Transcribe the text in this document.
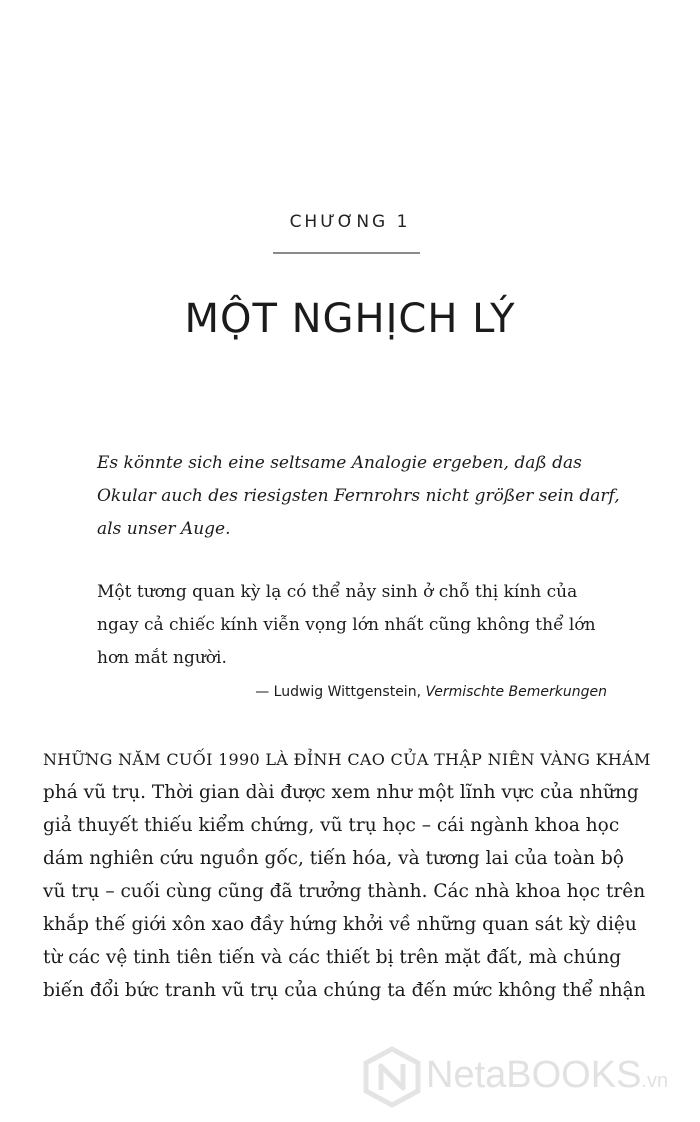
CHƯƠNG 1
MỘT NGHỊCH LÝ
Es könnte sich eine seltsame Analogie ergeben, daß das
Okular auch des riesigsten Fernrohrs nicht größer sein darf,
als unser Auge.
Một tương quan kỳ lạ có thể nảy sinh ở chỗ thị kính của
ngay cả chiếc kính viễn vọng lớn nhất cũng không thể lớn
hơn mắt người.
— Ludwig Wittgenstein, Vermischte Bemerkungen
NHỮNG NĂM CUỐI 1990 LÀ ĐỈNH CAO CỦA THẬP NIÊN VÀNG KHÁM
phá vũ trụ. Thời gian dài được xem như một lĩnh vực của những
giả thuyết thiếu kiểm chứng, vũ trụ học – cái ngành khoa học
dám nghiên cứu nguồn gốc, tiến hóa, và tương lai của toàn bộ
vũ trụ – cuối cùng cũng đã trưởng thành. Các nhà khoa học trên
khắp thế giới xôn xao đầy hứng khởi về những quan sát kỳ diệu
từ các vệ tinh tiên tiến và các thiết bị trên mặt đất, mà chúng
biến đổi bức tranh vũ trụ của chúng ta đến mức không thể nhận
NetaBOOKS.vn
